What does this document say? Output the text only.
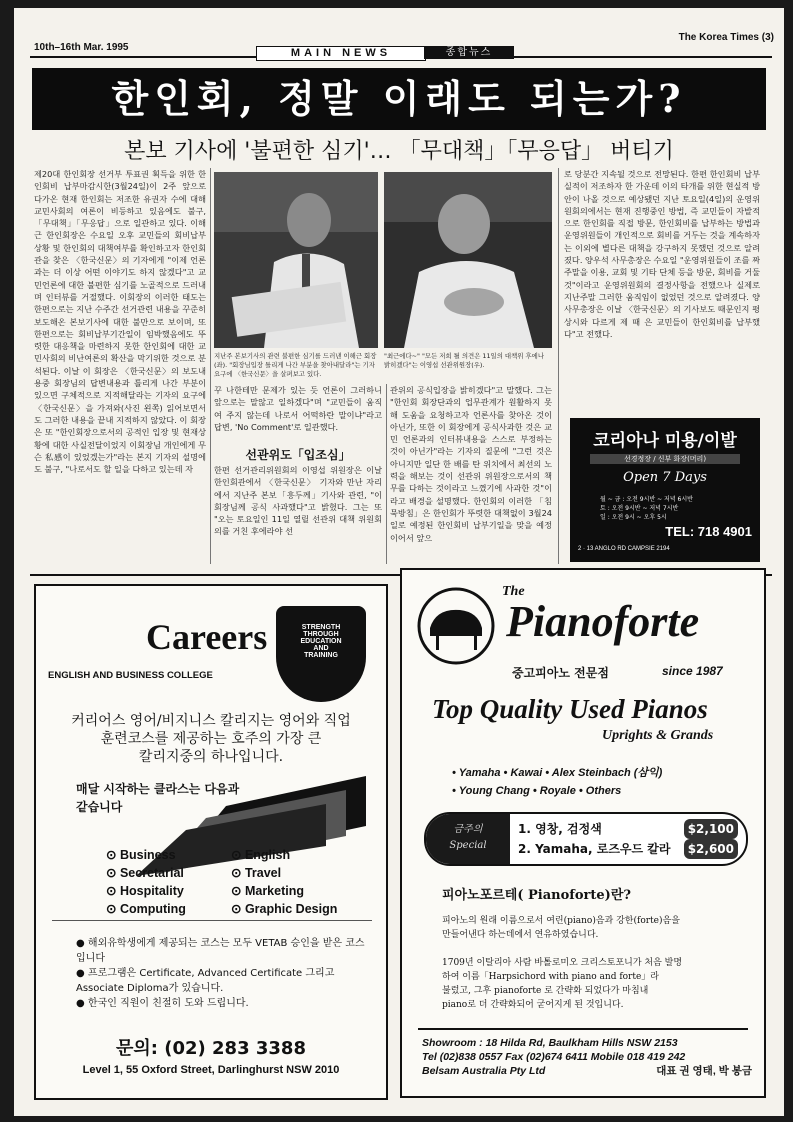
10th–16th Mar. 1995
The Korea Times (3)
MAIN NEWS	종합뉴스
한인회, 정말 이래도 되는가?
본보 기사에 '불편한 심기'… 「무대책」「무응답」 버티기
제20대 한인회장 선거부 투표권 획득을 위한 한인회비 납부마감시한(3월24일)이 2주 앞으로 다가온 현재 한인회는 저조한 유권자 수에 대해 교민사회의 여론이 비등하고 있음에도 불구, 「무대책」「무응답」으로 일관하고 있다. 이해근 한인회장은 수요일 오후 교민들의 회비납부 상황 및 한인회의 대책여부를 확인하고자 한인회관을 찾은 〈한국신문〉의 기자에게 "이제 언론과는 더 이상 어떤 이야기도 하지 않겠다"고 교민언론에 대한 불편한 심기를 노골적으로 드러내며 인터뷰를 거절했다. 이회장의 이러한 태도는 한편으로는 지난 수주간 선거관련 내용을 꾸준히 보도해온 본보기사에 대한 불만으로 보이며, 또 한편으로는 회비납부기간일이 임박했음에도 뚜렷한 대응책을 마련하지 못한 한인회에 대한 교민사회의 비난여론의 확산을 막기위한 것으로 분석된다. 이날 이 회장은 〈한국신문〉의 보도내용중 회장님의 답변내용과 틀리게 나간 부분이 있으면 구체적으로 지적해달라는 기자의 요구에 〈한국신문〉을 가져와(사진 왼쪽) 읽어보면서도 그러한 내용을 끝내 지적하지 않았다. 이 회장은 또 "한인회장으로서의 공적인 입장 및 현재상황에 대한 사실전달이었지 이회장님 개인에게 무슨 私感이 있었겠는가"라는 본지 기자의 설명에도 불구, "나로서도 할 일을 다하고 있는데 자
지난주 본보기사의 관련 불편한 심기를 드러낸 이해근 회장(좌). "회장님입장 틀리게 나간 부분을 찾아내달라"는 기자요구에 〈한국신문〉을 살펴보고 있다.
"최근에다~" "모든 저희 될 의견은 11일의 대책위 후에나 밝히겠다"는 이영섭 선관위원장(우).
꾸 나한테만 문제가 있는 듯 언론이 그러하니 앞으로는 말않고 일하겠다"며 "교민들이 움직여 주지 않는데 나로서 어떡하란 말이냐"라고 답변, 'No Comment'로 일관했다.
선관위도「입조심」
한편 선거관리위원회의 이영섭 위원장은 이날 한인회관에서 〈한국신문〉 기자와 만난 자리에서 지난주 본보「흥두께」기사와 관련, "이 회장님께 공식 사과했다"고 밝혔다. 그는 또 "오는 토요일인 11일 열릴 선관위 대책 위원회의를 거친 후에라야 선
관위의 공식입장을 밝히겠다"고 말했다. 그는 "한인회 회장단과의 업무관계가 원활하지 못해 도움을 요청하고자 언론사를 찾아온 것이 아닌가, 또한 이 회장에게 공식사과한 것은 교민 언론과의 인터뷰내용을 스스로 부정하는 것이 아닌가"라는 기자의 질문에 "그런 것은 아니지만 일단 한 배를 탄 위치에서 최선의 노력을 해보는 것이 선관위 위원장으로서의 책무를 다하는 것이라고 느꼈기에 사과한 것"이라고 배경을 설명했다. 한인회의 이러한 「침묵방침」은 한인회가 뚜렷한 대책없이 3월24일로 예정된 한인회비 납부기일을 맞을 예정이어서 앞으
로 당분간 지속될 것으로 전망된다. 한편 한인회비 납부실적이 저조하자 한 가운데 이의 타개를 위한 현실적 방안이 나올 것으로 예상됐던 지난 토요일(4일)의 운영위원회의에서는 현재 진행중인 방법, 즉 교민들이 자발적으로 한인회를 직접 방문, 한인회비를 납부하는 방법과 운영위원들이 개인적으로 회비를 거두는 것을 계속하자는 이외에 별다른 대책을 강구하지 못했던 것으로 알려졌다. 양우석 사무총장은 수요일 "운영위원들이 조를 짜 주말을 이용, 교회 및 기타 단체 등을 방문, 회비를 거둘것"이라고 운영위원회의 결정사항을 전했으나 실제로 지난주말 그러한 움직임이 없었던 것으로 알려졌다. 양 사무총장은 이날 〈한국신문〉의 기사보도 때문인지 평상시와 다르게 제 때 은 교민들이 한인회비를 납부했다"고 전했다.
코리아나 미용/이발
선경정장 / 신부 화장(머리)
Open 7 Days
월 ~ 금 : 오전 9시반 ~ 저녁 6시반
토 : 오전 9시반 ~ 저녁 7시반
일 : 오전 9시 ~ 오후 5시
TEL: 718 4901
2 · 13 ANGLO RD CAMPSIE 2194
Careers	STRENGTH
THROUGH
EDUCATION
AND
TRAINING
ENGLISH AND BUSINESS COLLEGE
커리어스 영어/비지니스 칼리지는 영어와 직업
훈련코스를 제공하는 호주의 가장 큰
칼리지중의 하나입니다.
매달 시작하는 클라스는 다음과
같습니다
⊙ Business	⊙ English
⊙ Secretarial	⊙ Travel
⊙ Hospitality	⊙ Marketing
⊙ Computing	⊙ Graphic Design
● 해외유학생에게 제공되는 코스는 모두 VETAB 승인을 받은 코스입니다
● 프로그램은 Certificate, Advanced Certificate 그리고 Associate Diploma가 있습니다.
● 한국인 직원이 친절히 도와 드립니다.
문의: (02) 283 3388
Level 1, 55 Oxford Street, Darlinghurst NSW 2010
The
Pianoforte
중고피아노 전문점	since 1987
Top Quality Used Pianos
Uprights & Grands
• Yamaha • Kawai • Alex Steinbach (삼익)
• Young Chang • Royale • Others
금주의
Special
1. 영창, 검정색	$2,100
2. Yamaha, 로즈우드 칼라	$2,600
피아노포르테( Pianoforte)란?
피아노의 원래 이름으로서 여린(piano)음과 강한(forte)음을
만들어낸다 하는데에서 연유하였습니다.
1709년 이탈리아 사람 바톨로미오 크리스토포니가 처음 발명
하여 이름「Harpsichord with piano and forte」라
불렀고, 그후 pianoforte 로 간략화 되었다가 마침내
piano로 더 간략화되어 굳어지게 된 것입니다.
Showroom : 18 Hilda Rd, Baulkham Hills NSW 2153
Tel (02)838 0557 Fax (02)674 6411 Mobile 018 419 242
Belsam Australia Pty Ltd	대표 권 영태, 박 봉금
